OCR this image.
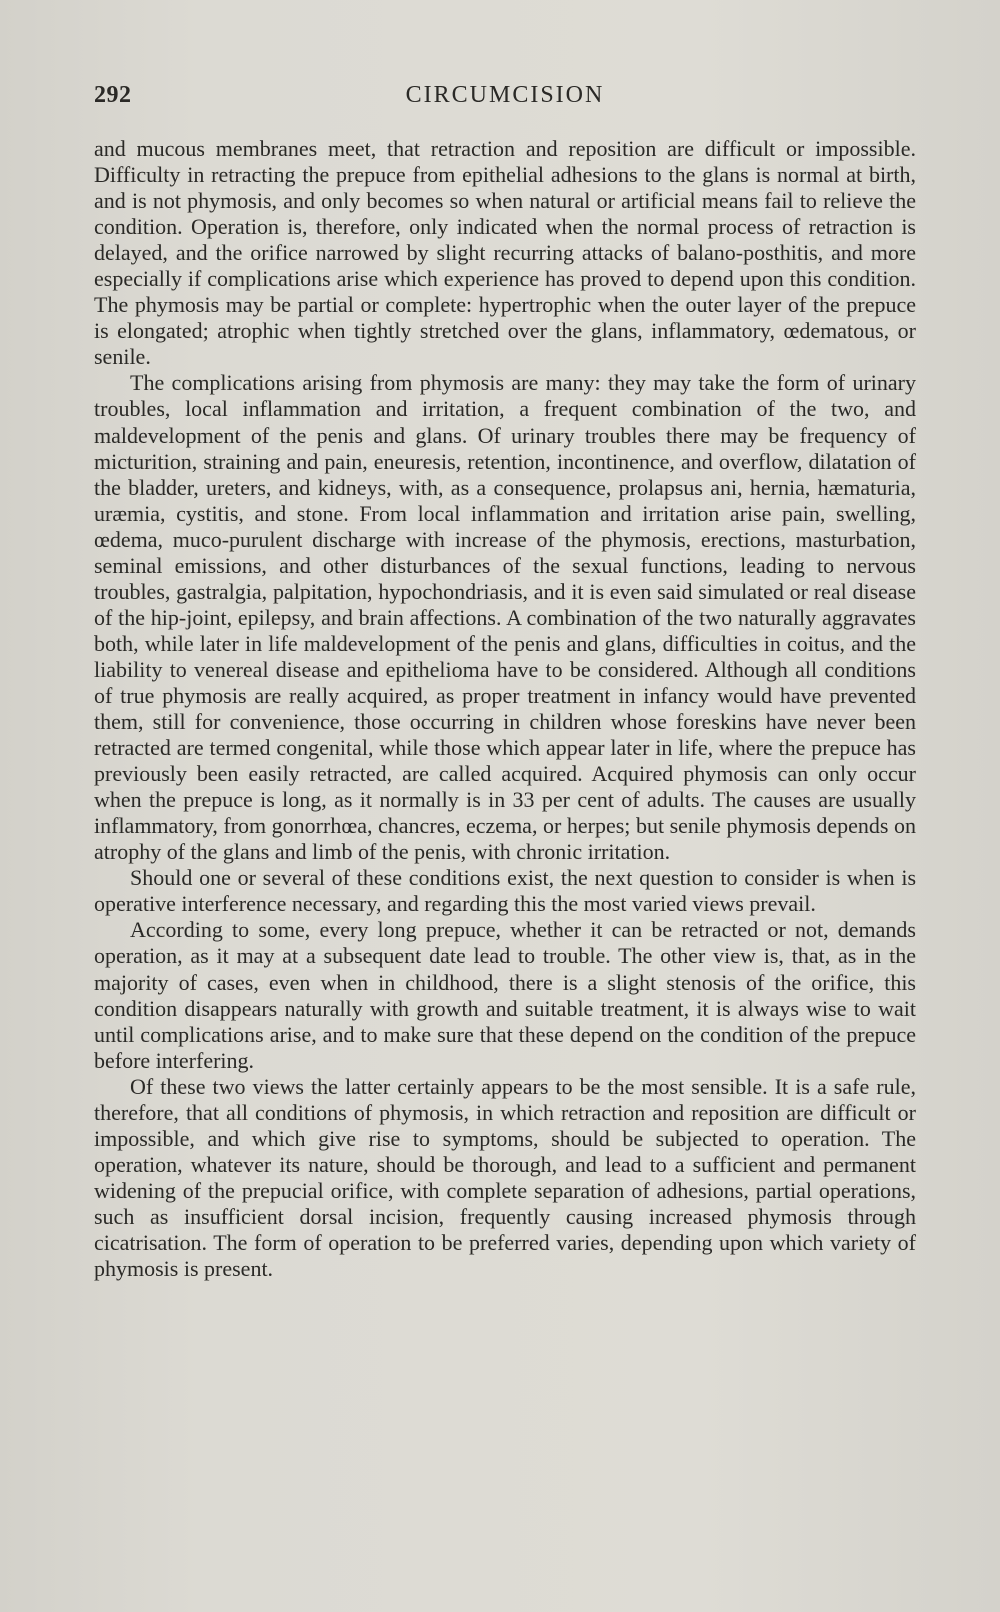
292	CIRCUMCISION

and mucous membranes meet, that retraction and reposition are difficult or impossible. Difficulty in retracting the prepuce from epithelial adhesions to the glans is normal at birth, and is not phymosis, and only becomes so when natural or artificial means fail to relieve the condition. Operation is, therefore, only indicated when the normal process of retraction is delayed, and the orifice narrowed by slight recurring attacks of balano-posthitis, and more especially if complications arise which experience has proved to depend upon this condition. The phymosis may be partial or complete: hypertrophic when the outer layer of the prepuce is elongated; atrophic when tightly stretched over the glans, inflammatory, œdematous, or senile.

The complications arising from phymosis are many: they may take the form of urinary troubles, local inflammation and irritation, a frequent combination of the two, and maldevelopment of the penis and glans. Of urinary troubles there may be frequency of micturition, straining and pain, eneuresis, retention, incontinence, and overflow, dilatation of the bladder, ureters, and kidneys, with, as a consequence, prolapsus ani, hernia, hæmaturia, uræmia, cystitis, and stone. From local inflammation and irritation arise pain, swelling, œdema, muco-purulent discharge with increase of the phymosis, erections, masturbation, seminal emissions, and other disturbances of the sexual functions, leading to nervous troubles, gastralgia, palpitation, hypochondriasis, and it is even said simulated or real disease of the hip-joint, epilepsy, and brain affections. A combination of the two naturally aggravates both, while later in life maldevelopment of the penis and glans, difficulties in coitus, and the liability to venereal disease and epithelioma have to be considered. Although all conditions of true phymosis are really acquired, as proper treatment in infancy would have prevented them, still for convenience, those occurring in children whose foreskins have never been retracted are termed congenital, while those which appear later in life, where the prepuce has previously been easily retracted, are called acquired. Acquired phymosis can only occur when the prepuce is long, as it normally is in 33 per cent of adults. The causes are usually inflammatory, from gonorrhœa, chancres, eczema, or herpes; but senile phymosis depends on atrophy of the glans and limb of the penis, with chronic irritation.

Should one or several of these conditions exist, the next question to consider is when is operative interference necessary, and regarding this the most varied views prevail.

According to some, every long prepuce, whether it can be retracted or not, demands operation, as it may at a subsequent date lead to trouble. The other view is, that, as in the majority of cases, even when in childhood, there is a slight stenosis of the orifice, this condition disappears naturally with growth and suitable treatment, it is always wise to wait until complications arise, and to make sure that these depend on the condition of the prepuce before interfering.

Of these two views the latter certainly appears to be the most sensible. It is a safe rule, therefore, that all conditions of phymosis, in which retraction and reposition are difficult or impossible, and which give rise to symptoms, should be subjected to operation. The operation, whatever its nature, should be thorough, and lead to a sufficient and permanent widening of the prepucial orifice, with complete separation of adhesions, partial operations, such as insufficient dorsal incision, frequently causing increased phymosis through cicatrisation. The form of operation to be preferred varies, depending upon which variety of phymosis is present.
